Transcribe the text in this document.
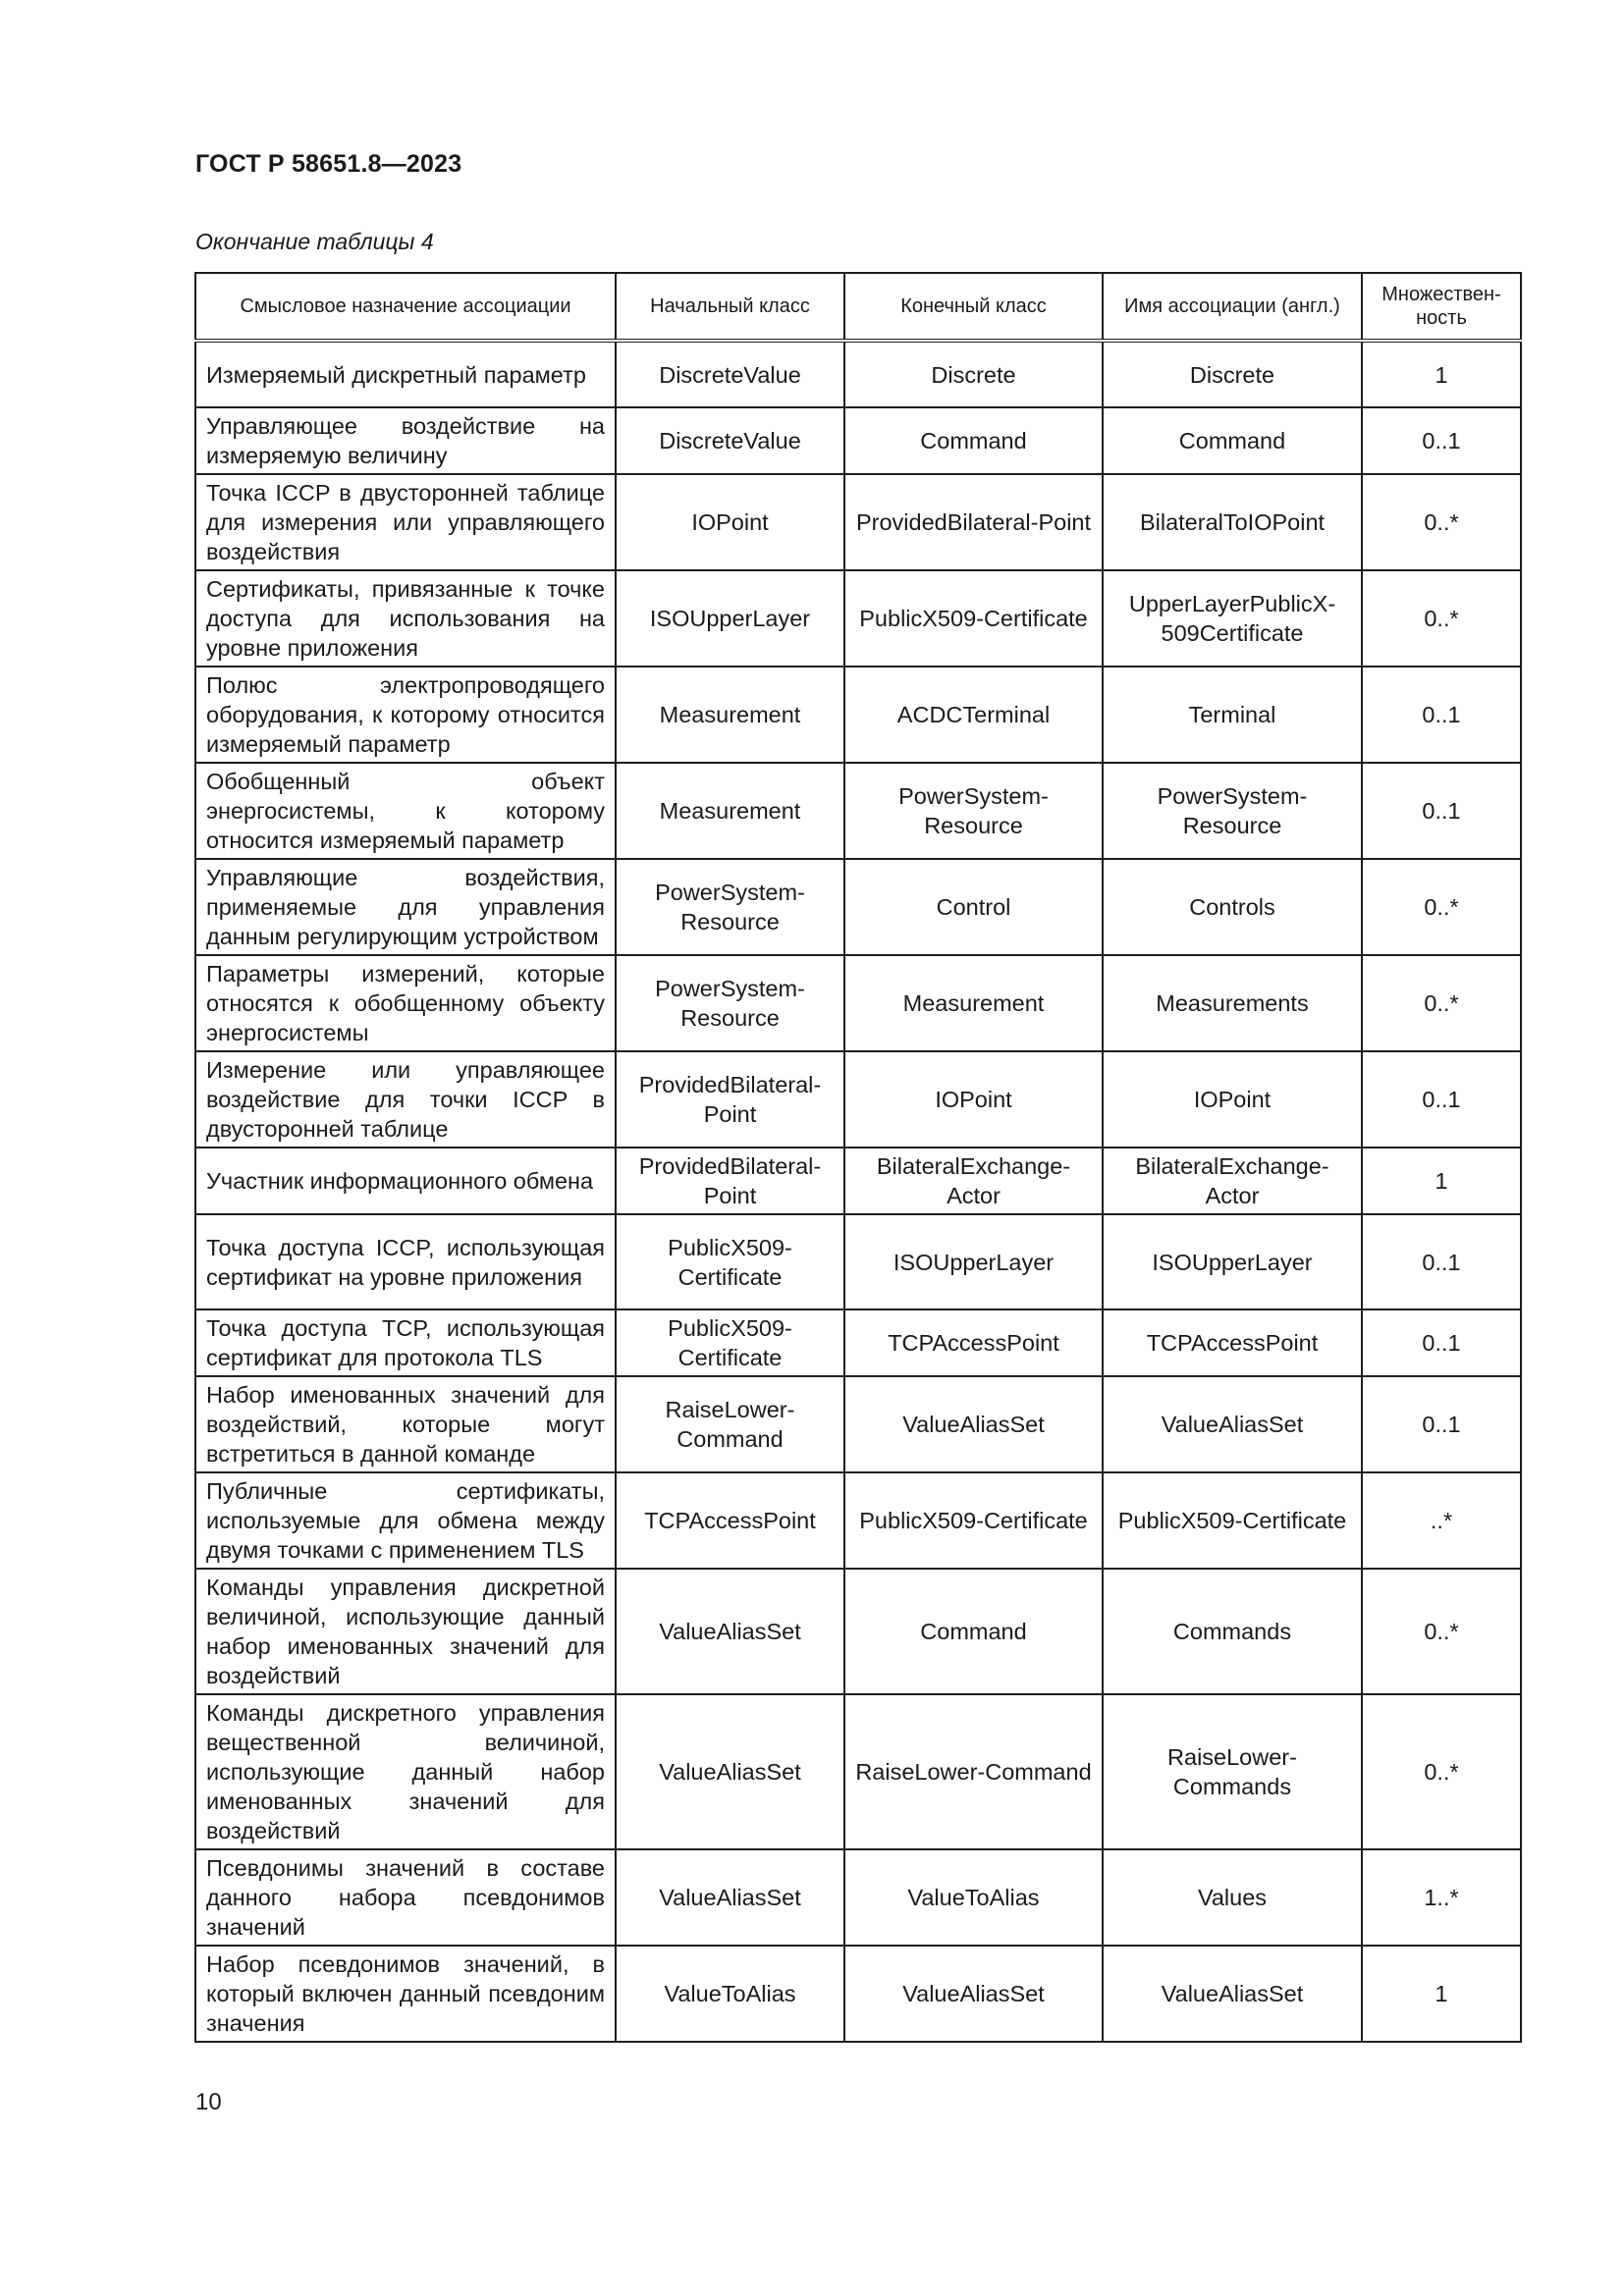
ГОСТ Р 58651.8—2023
Окончание таблицы 4
Смысловое назначение ассоциации	Начальный класс	Конечный класс	Имя ассоциации (англ.)	Множествен-ность
Измеряемый дискретный параметр	DiscreteValue	Discrete	Discrete	1
Управляющее воздействие на измеряемую величину	DiscreteValue	Command	Command	0..1
Точка ICCP в двусторонней таблице для измерения или управляющего воздействия	IOPoint	ProvidedBilateral-Point	BilateralToIOPoint	0..*
Сертификаты, привязанные к точке доступа для использования на уровне приложения	ISOUpperLayer	PublicX509-Certificate	UpperLayerPublicX-509Certificate	0..*
Полюс электропроводящего оборудования, к которому относится измеряемый параметр	Measurement	ACDCTerminal	Terminal	0..1
Обобщенный объект энергосистемы, к которому относится измеряемый параметр	Measurement	PowerSystem-Resource	PowerSystem-Resource	0..1
Управляющие воздействия, применяемые для управления данным регулирующим устройством	PowerSystem-Resource	Control	Controls	0..*
Параметры измерений, которые относятся к обобщенному объекту энергосистемы	PowerSystem-Resource	Measurement	Measurements	0..*
Измерение или управляющее воздействие для точки ICCP в двусторонней таблице	ProvidedBilateral-Point	IOPoint	IOPoint	0..1
Участник информационного обмена	ProvidedBilateral-Point	BilateralExchange-Actor	BilateralExchange-Actor	1
Точка доступа ICCP, использующая сертификат на уровне приложения	PublicX509-Certificate	ISOUpperLayer	ISOUpperLayer	0..1
Точка доступа TCP, использующая сертификат для протокола TLS	PublicX509-Certificate	TCPAccessPoint	TCPAccessPoint	0..1
Набор именованных значений для воздействий, которые могут встретиться в данной команде	RaiseLower-Command	ValueAliasSet	ValueAliasSet	0..1
Публичные сертификаты, используемые для обмена между двумя точками с применением TLS	TCPAccessPoint	PublicX509-Certificate	PublicX509-Certificate	..*
Команды управления дискретной величиной, использующие данный набор именованных значений для воздействий	ValueAliasSet	Command	Commands	0..*
Команды дискретного управления вещественной величиной, использующие данный набор именованных значений для воздействий	ValueAliasSet	RaiseLower-Command	RaiseLower-Commands	0..*
Псевдонимы значений в составе данного набора псевдонимов значений	ValueAliasSet	ValueToAlias	Values	1..*
Набор псевдонимов значений, в который включен данный псевдоним значения	ValueToAlias	ValueAliasSet	ValueAliasSet	1
10
